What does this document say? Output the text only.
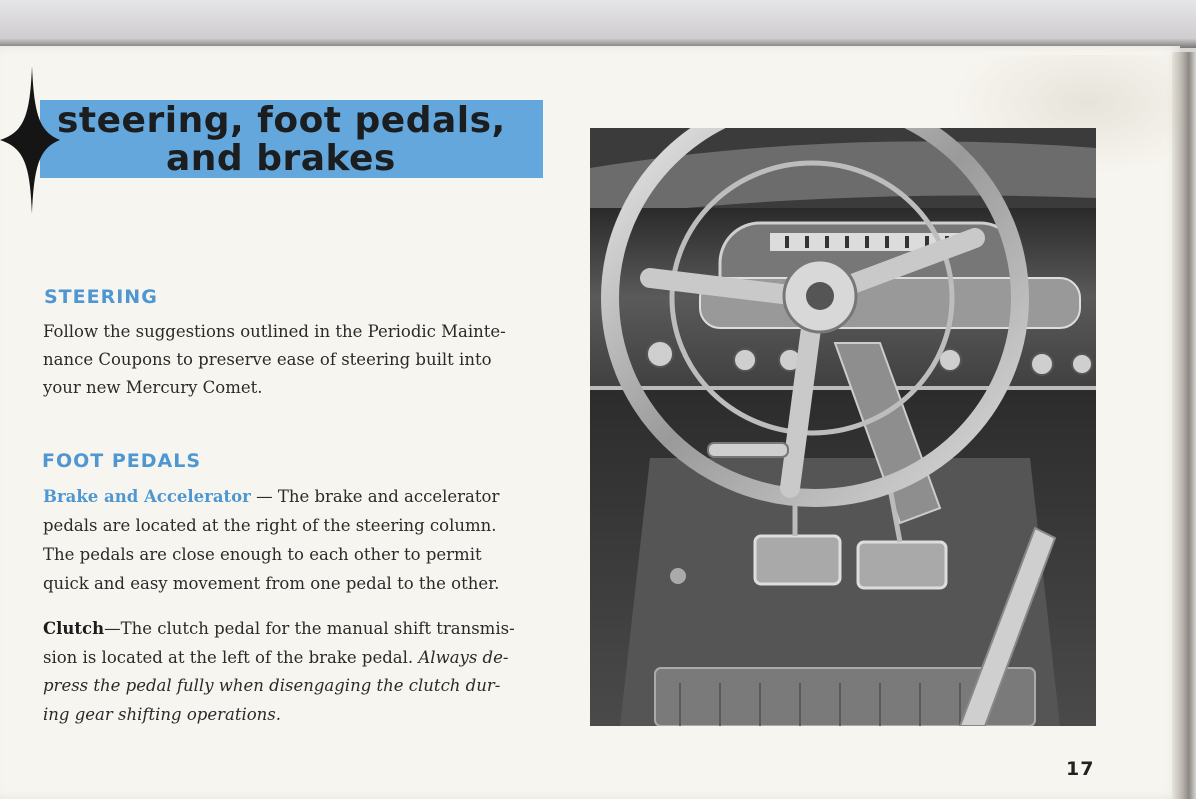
steering, foot pedals,
and brakes
STEERING
Follow the suggestions outlined in the Periodic Mainte-
nance Coupons to preserve ease of steering built into
your new Mercury Comet.
FOOT PEDALS
Brake and Accelerator — The brake and accelerator
pedals are located at the right of the steering column.
The pedals are close enough to each other to permit
quick and easy movement from one pedal to the other.
Clutch—The clutch pedal for the manual shift transmis-
sion is located at the left of the brake pedal. Always de-
press the pedal fully when disengaging the clutch dur-
ing gear shifting operations.
17
